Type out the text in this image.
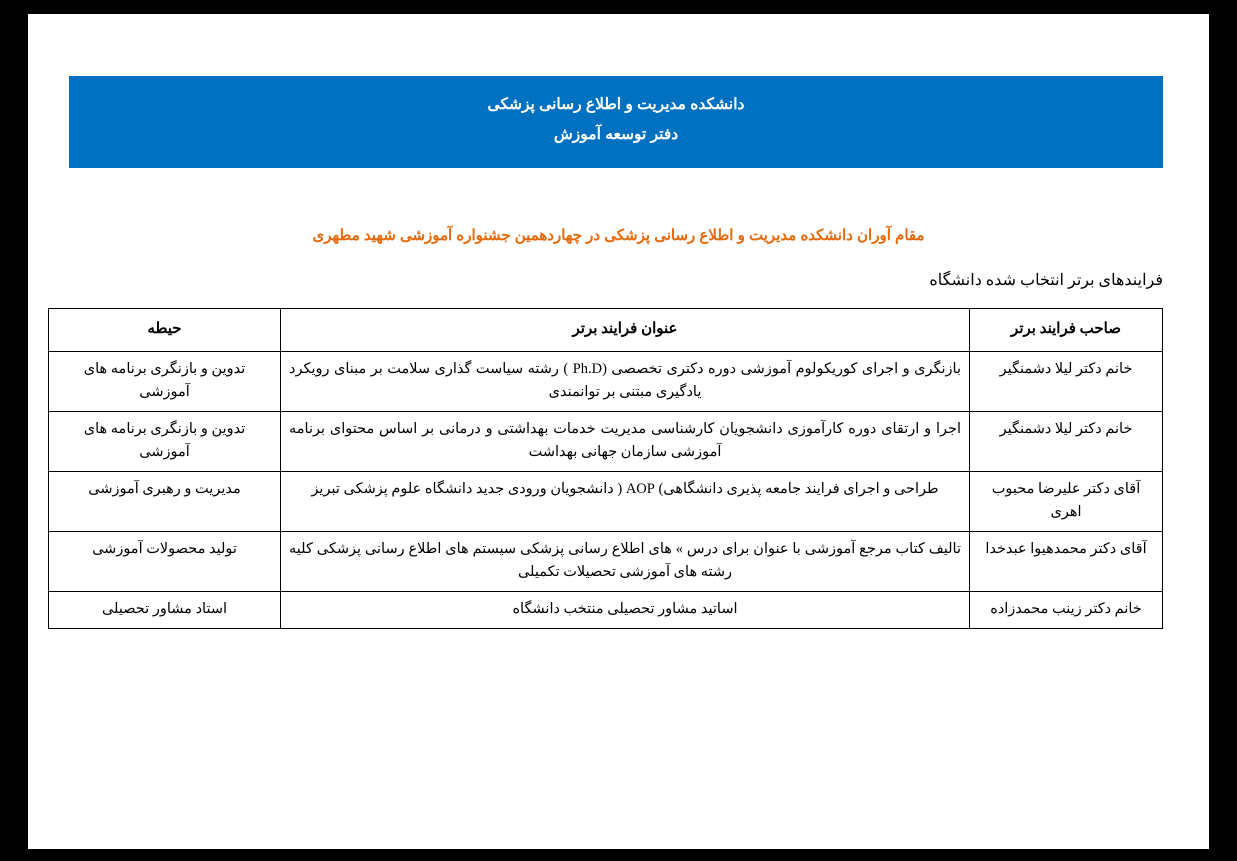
دانشکده مدیریت و اطلاع رسانی پزشکی
دفتر توسعه آموزش
مقام آوران دانشکده مدیریت و اطلاع رسانی پزشکی در چهاردهمین جشنواره آموزشی شهید مطهری
فرایندهای برتر انتخاب شده دانشگاه
صاحب فرایند برتر	عنوان فرایند برتر	حیطه
خانم دکتر لیلا دشمنگیر	بازنگری و اجرای کوریکولوم آموزشی دوره دکتری تخصصی (Ph.D ) رشته سیاست گذاری سلامت بر مبنای رویکرد یادگیری مبتنی بر توانمندی	تدوین و بازنگری برنامه های آموزشی
خانم دکتر لیلا دشمنگیر	اجرا و ارتقای دوره کارآموزی دانشجویان کارشناسی مدیریت خدمات بهداشتی و درمانی بر اساس محتوای برنامه آموزشی سازمان جهانی بهداشت	تدوین و بازنگری برنامه های آموزشی
آقای دکتر علیرضا محبوب اهری	طراحی و اجرای فرایند جامعه پذیری دانشگاهی) AOP ( دانشجویان ورودی جدید دانشگاه علوم پزشکی تبریز	مدیریت و رهبری آموزشی
آقای دکتر محمدهیوا عبدخدا	تالیف کتاب مرجع آموزشی با عنوان برای درس » های اطلاع رسانی پزشکی سیستم های اطلاع رسانی پزشکی کلیه رشته های آموزشی تحصیلات تکمیلی	تولید محصولات آموزشی
خانم دکتر زینب محمدزاده	اساتید مشاور تحصیلی منتخب دانشگاه	استاد مشاور تحصیلی
